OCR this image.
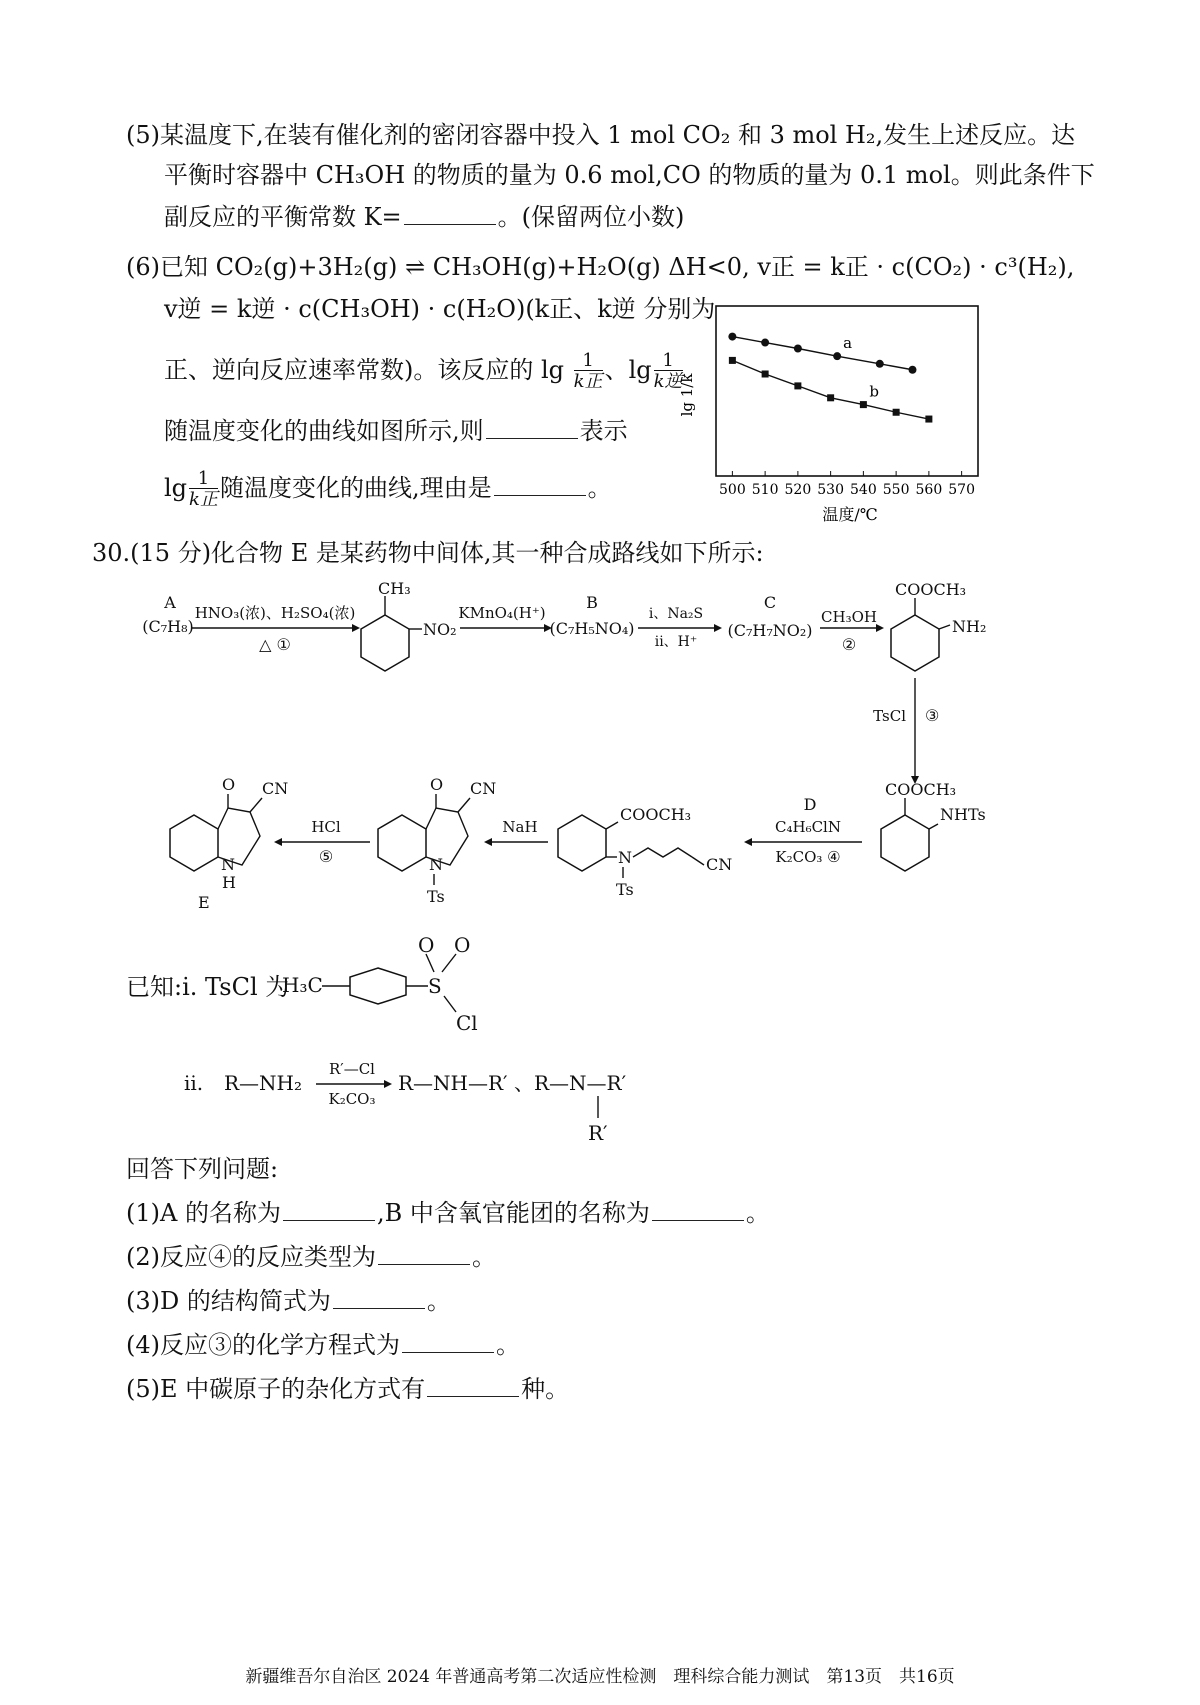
(5)某温度下,在装有催化剂的密闭容器中投入 1 mol CO₂ 和 3 mol H₂,发生上述反应。达
平衡时容器中 CH₃OH 的物质的量为 0.6 mol,CO 的物质的量为 0.1 mol。则此条件下
副反应的平衡常数 K=	。(保留两位小数)
(6)已知 CO₂(g)+3H₂(g) ⇌ CH₃OH(g)+H₂O(g) ΔH<0, v正 = k正 · c(CO₂) · c³(H₂),
v逆 = k逆 · c(CH₃OH) · c(H₂O)(k正、k逆 分别为
正、逆向反应速率常数)。该反应的 $\lg \frac{1}{\text{k正}}$ 、$\lg \frac{1}{\text{k逆}}$
随温度变化的曲线如图所示,则	表示
$\lg \frac{1}{\text{k正}}$ 随温度变化的曲线,理由是	。	500 510 520 530 540 550 560 570
a
b
lg 1/k
温度/℃
30.(15 分)化合物 E 是某药物中间体,其一种合成路线如下所示:
A
(C₇H₈)
HNO₃(浓)、H₂SO₄(浓)
△ ①
CH₃
NO₂
KMnO₄(H⁺)
B
(C₇H₅NO₄)
i、Na₂S
ii、H⁺
C
(C₇H₇NO₂)
CH₃OH
②
COOCH₃
NH₂
TsCl ③
COOCH₃
NHTs
D
C₄H₆ClN
K₂CO₃ ④
COOCH₃
N
Ts
CN
NaH
O CN
N
Ts
HCl
⑤
O CN
N
H
E
已知:i. TsCl 为
H₃C	S
O O
Cl
ii. R—NH₂
R′—Cl
K₂CO₃
R—NH—R′ 、R—N—R′
R′
回答下列问题:
(1)A 的名称为	,B 中含氧官能团的名称为	。
(2)反应④的反应类型为	。
(3)D 的结构简式为	。
(4)反应③的化学方程式为	。
(5)E 中碳原子的杂化方式有	种。
新疆维吾尔自治区 2024 年普通高考第二次适应性检测　理科综合能力测试　第13页　共16页
